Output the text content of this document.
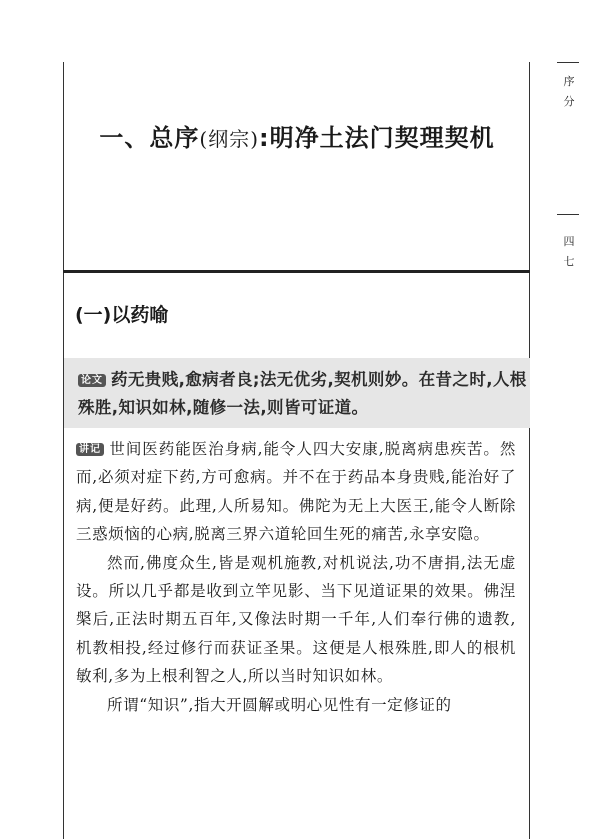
序分
四七
一、总序(纲宗):明净土法门契理契机
(一)以药喻
论文 药无贵贱,愈病者良;法无优劣,契机则妙。在昔之时,人根殊胜,知识如林,随修一法,则皆可证道。

讲记 世间医药能医治身病,能令人四大安康,脱离病患疾苦。然而,必须对症下药,方可愈病。并不在于药品本身贵贱,能治好了病,便是好药。此理,人所易知。佛陀为无上大医王,能令人断除三惑烦恼的心病,脱离三界六道轮回生死的痛苦,永享安隐。

然而,佛度众生,皆是观机施教,对机说法,功不唐捐,法无虚设。所以几乎都是收到立竿见影、当下见道证果的效果。佛涅槃后,正法时期五百年,又像法时期一千年,人们奉行佛的遗教,机教相投,经过修行而获证圣果。这便是人根殊胜,即人的根机敏利,多为上根利智之人,所以当时知识如林。

所谓“知识”,指大开圆解或明心见性有一定修证的
